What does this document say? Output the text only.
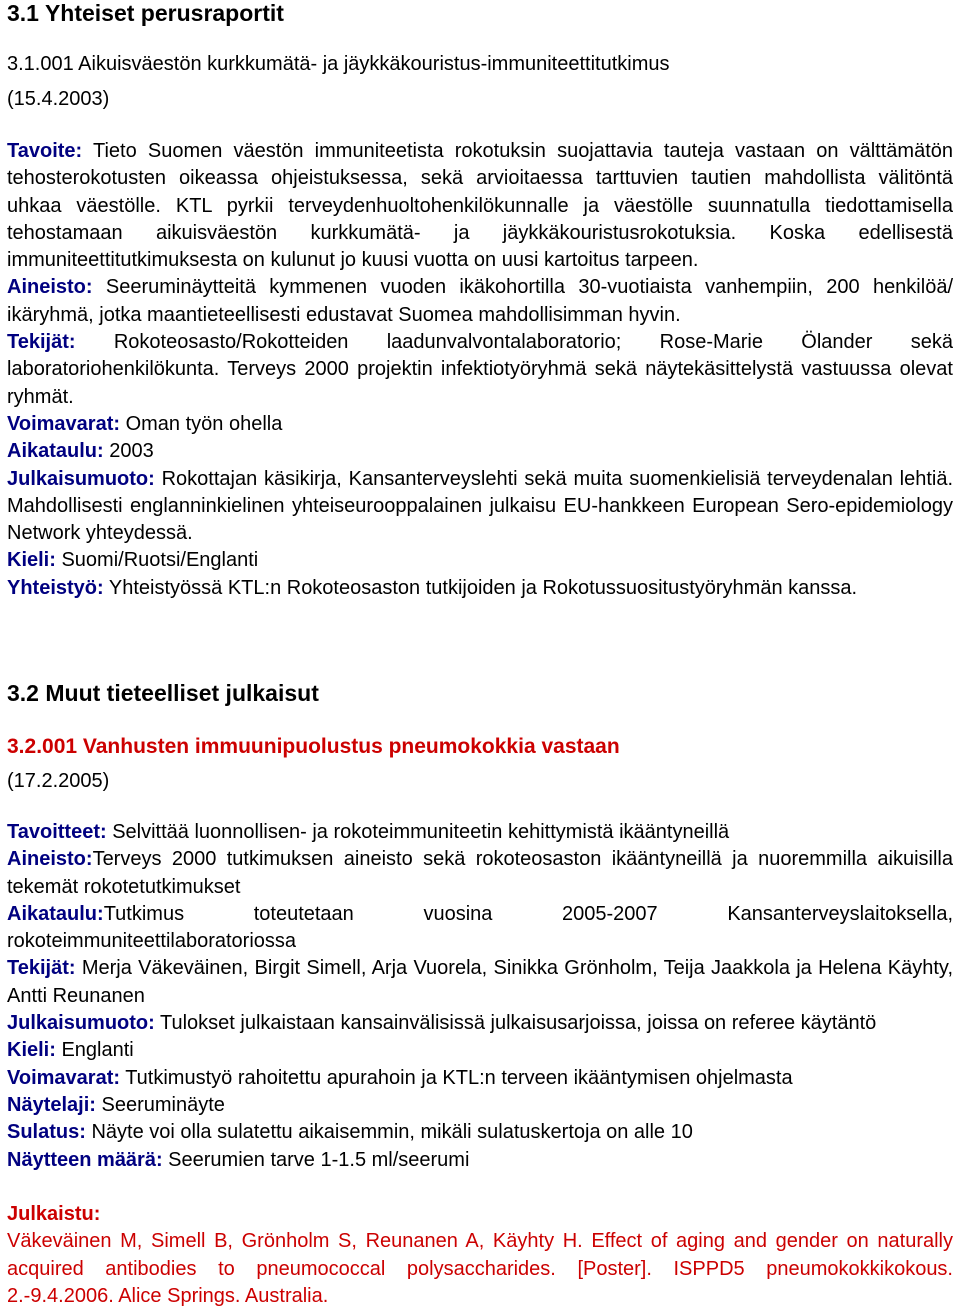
3.1 Yhteiset perusraportit
3.1.001 Aikuisväestön kurkkumätä- ja jäykkäkouristus-immuniteettitutkimus
(15.4.2003)
Tavoite: Tieto Suomen väestön immuniteetista rokotuksin suojattavia tauteja vastaan on välttämätön tehosterokotusten oikeassa ohjeistuksessa, sekä arvioitaessa tarttuvien tautien mahdollista välitöntä uhkaa väestölle. KTL pyrkii terveydenhuoltohenkilökunnalle ja väestölle suunnatulla tiedottamisella tehostamaan aikuisväestön kurkkumätä- ja jäykkäkouristusrokotuksia. Koska edellisestä immuniteettitutkimuksesta on kulunut jo kuusi vuotta on uusi kartoitus tarpeen.
Aineisto: Seeruminäytteitä kymmenen vuoden ikäkohortilla 30-vuotiaista vanhempiin, 200 henkilöä/ ikäryhmä, jotka maantieteellisesti edustavat Suomea mahdollisimman hyvin.
Tekijät: Rokoteosasto/Rokotteiden laadunvalvontalaboratorio; Rose-Marie Ölander sekä laboratoriohenkilökunta. Terveys 2000 projektin infektiotyöryhmä sekä näytekäsittelystä vastuussa olevat ryhmät.
Voimavarat: Oman työn ohella
Aikataulu: 2003
Julkaisumuoto: Rokottajan käsikirja, Kansanterveyslehti sekä muita suomenkielisiä terveydenalan lehtiä. Mahdollisesti englanninkielinen yhteiseurooppalainen julkaisu EU-hankkeen European Sero-epidemiology Network yhteydessä.
Kieli: Suomi/Ruotsi/Englanti
Yhteistyö: Yhteistyössä KTL:n Rokoteosaston tutkijoiden ja Rokotussuositustyöryhmän kanssa.
3.2 Muut tieteelliset julkaisut
3.2.001 Vanhusten immuunipuolustus pneumokokkia vastaan
(17.2.2005)
Tavoitteet: Selvittää luonnollisen- ja rokoteimmuniteetin kehittymistä ikääntyneillä
Aineisto:Terveys 2000 tutkimuksen aineisto sekä rokoteosaston ikääntyneillä ja nuoremmilla aikuisilla tekemät rokotetutkimukset
Aikataulu:Tutkimus toteutetaan vuosina 2005-2007 Kansanterveyslaitoksella, rokoteimmuniteettilaboratoriossa
Tekijät: Merja Väkeväinen, Birgit Simell, Arja Vuorela, Sinikka Grönholm, Teija Jaakkola ja Helena Käyhty, Antti Reunanen
Julkaisumuoto: Tulokset julkaistaan kansainvälisissä julkaisusarjoissa, joissa on referee käytäntö
Kieli: Englanti
Voimavarat: Tutkimustyö rahoitettu apurahoin ja KTL:n terveen ikääntymisen ohjelmasta
Näytelaji: Seeruminäyte
Sulatus: Näyte voi olla sulatettu aikaisemmin, mikäli sulatuskertoja on alle 10
Näytteen määrä: Seerumien tarve 1-1.5 ml/seerumi
Julkaistu:
Väkeväinen M, Simell B, Grönholm S, Reunanen A, Käyhty H. Effect of aging and gender on naturally acquired antibodies to pneumococcal polysaccharides. [Poster]. ISPPD5 pneumokokkikokous. 2.-9.4.2006. Alice Springs. Australia.
